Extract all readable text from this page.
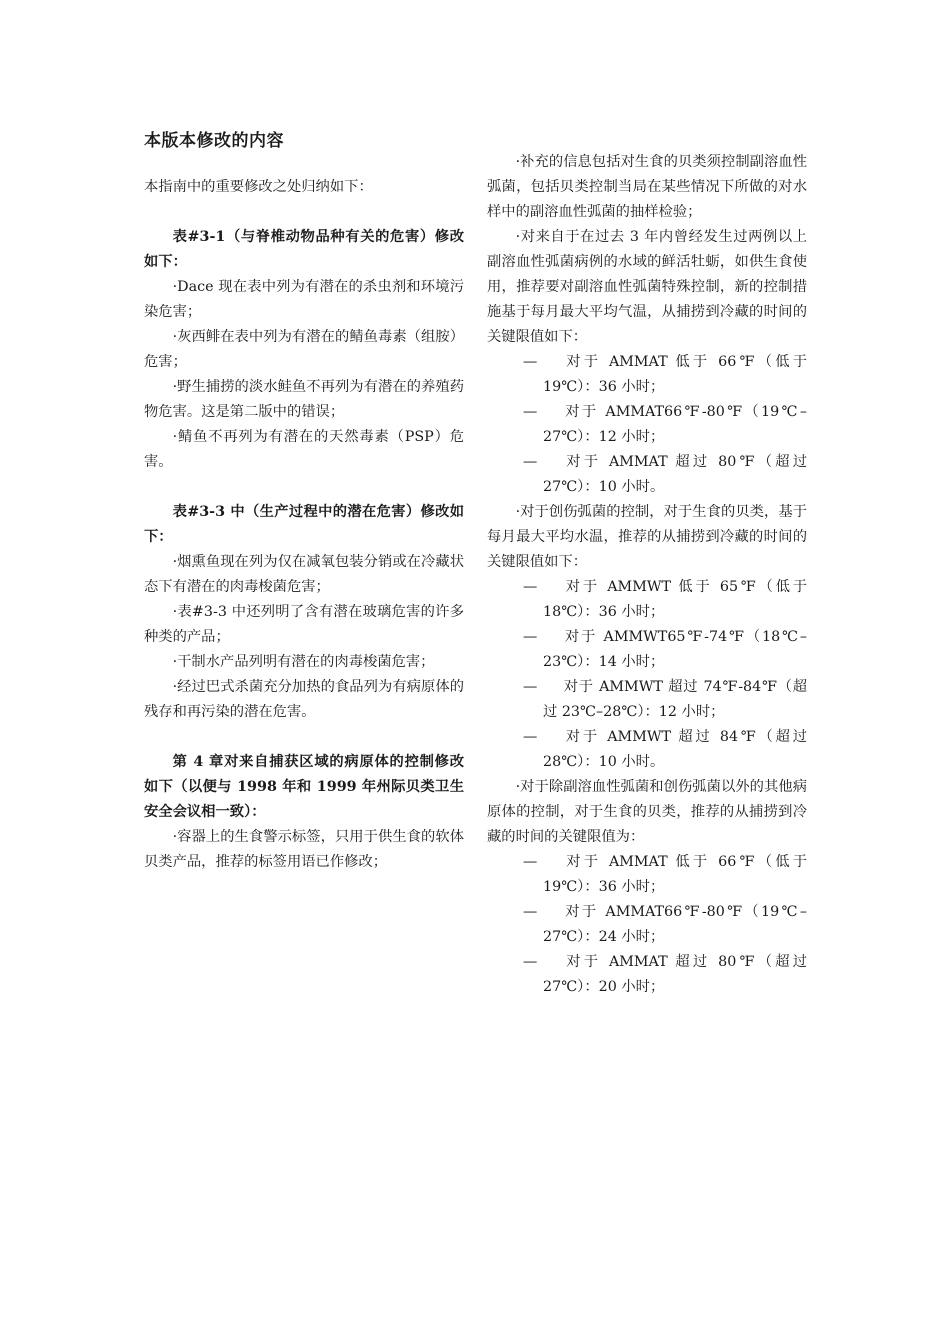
本版本修改的内容

本指南中的重要修改之处归纳如下：

表#3-1（与脊椎动物品种有关的危害）修改如下：

·Dace 现在表中列为有潜在的杀虫剂和环境污染危害；

·灰西鲱在表中列为有潜在的鲭鱼毒素（组胺）危害；

·野生捕捞的淡水鲑鱼不再列为有潜在的养殖药物危害。这是第二版中的错误；

·鲭鱼不再列为有潜在的天然毒素（PSP）危害。

表#3-3 中（生产过程中的潜在危害）修改如下：

·烟熏鱼现在列为仅在减氧包装分销或在冷藏状态下有潜在的肉毒梭菌危害；

·表#3-3 中还列明了含有潜在玻璃危害的许多种类的产品；

·干制水产品列明有潜在的肉毒梭菌危害；

·经过巴式杀菌充分加热的食品列为有病原体的残存和再污染的潜在危害。

第 4 章对来自捕获区域的病原体的控制修改如下（以便与 1998 年和 1999 年州际贝类卫生安全会议相一致）：

·容器上的生食警示标签，只用于供生食的软体贝类产品，推荐的标签用语已作修改；

·补充的信息包括对生食的贝类须控制副溶血性弧菌，包括贝类控制当局在某些情况下所做的对水样中的副溶血性弧菌的抽样检验；

·对来自于在过去 3 年内曾经发生过两例以上副溶血性弧菌病例的水域的鲜活牡蛎，如供生食使用，推荐要对副溶血性弧菌特殊控制，新的控制措施基于每月最大平均气温，从捕捞到冷藏的时间的关键限值如下：

— 对于 AMMAT 低于 66℉（低于 19℃）：36 小时；

— 对于 AMMAT66℉-80℉（19℃–27℃）：12 小时；

— 对于 AMMAT 超过 80℉（超过 27℃）：10 小时。

·对于创伤弧菌的控制，对于生食的贝类，基于每月最大平均水温，推荐的从捕捞到冷藏的时间的关键限值如下：

— 对于 AMMWT 低于 65℉（低于 18℃）：36 小时；

— 对于 AMMWT65℉-74℉（18℃–23℃）：14 小时；

— 对于 AMMWT 超过 74℉-84℉（超过 23℃–28℃）：12 小时；

— 对于 AMMWT 超过 84℉（超过 28℃）：10 小时。

·对于除副溶血性弧菌和创伤弧菌以外的其他病原体的控制，对于生食的贝类，推荐的从捕捞到冷藏的时间的关键限值为：

— 对于 AMMAT 低于 66℉（低于 19℃）：36 小时；

— 对于 AMMAT66℉-80℉（19℃–27℃）：24 小时；

— 对于 AMMAT 超过 80℉（超过 27℃）：20 小时；
